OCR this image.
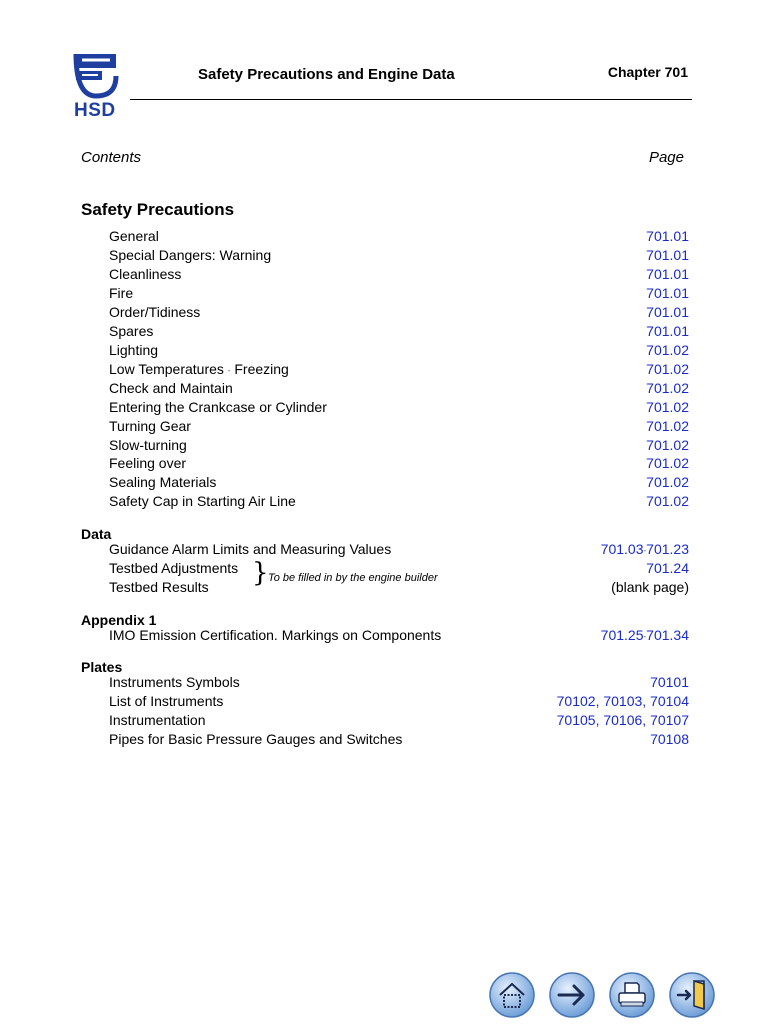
HSD
Safety Precautions and Engine Data	Chapter 701
Contents	Page
Safety Precautions
General	701.01
Special Dangers: Warning	701.01
Cleanliness	701.01
Fire	701.01
Order/Tidiness	701.01
Spares	701.01
Lighting	701.02
Low Temperatures - Freezing	701.02
Check and Maintain	701.02
Entering the Crankcase or Cylinder	701.02
Turning Gear	701.02
Slow-turning	701.02
Feeling over	701.02
Sealing Materials	701.02
Safety Cap in Starting Air Line	701.02
Data
Guidance Alarm Limits and Measuring Values	701.03-701.23
Testbed Adjustments	701.24
Testbed Results	(blank page)
} To be filled in by the engine builder
Appendix 1
IMO Emission Certification. Markings on Components	701.25-701.34
Plates
Instruments Symbols	70101
List of Instruments	70102, 70103, 70104
Instrumentation	70105, 70106, 70107
Pipes for Basic Pressure Gauges and Switches	70108
